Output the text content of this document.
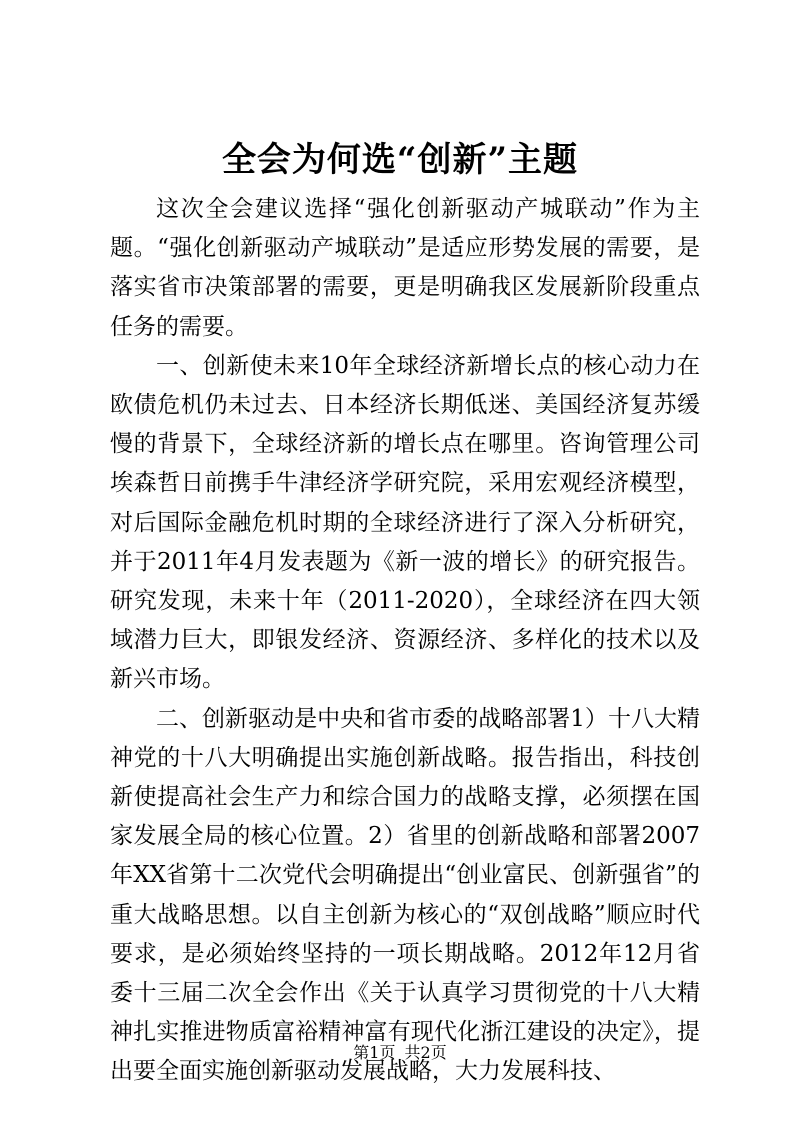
全会为何选“创新”主题

这次全会建议选择“强化创新驱动产城联动”作为主题。“强化创新驱动产城联动”是适应形势发展的需要，是落实省市决策部署的需要，更是明确我区发展新阶段重点任务的需要。

一、创新使未来10年全球经济新增长点的核心动力在欧债危机仍未过去、日本经济长期低迷、美国经济复苏缓慢的背景下，全球经济新的增长点在哪里。咨询管理公司埃森哲日前携手牛津经济学研究院，采用宏观经济模型，对后国际金融危机时期的全球经济进行了深入分析研究，并于2011年4月发表题为《新一波的增长》的研究报告。研究发现，未来十年（2011-2020），全球经济在四大领域潜力巨大，即银发经济、资源经济、多样化的技术以及新兴市场。

二、创新驱动是中央和省市委的战略部署1）十八大精神党的十八大明确提出实施创新战略。报告指出，科技创新使提高社会生产力和综合国力的战略支撑，必须摆在国家发展全局的核心位置。2）省里的创新战略和部署2007年XX省第十二次党代会明确提出“创业富民、创新强省”的重大战略思想。以自主创新为核心的“双创战略”顺应时代要求，是必须始终坚持的一项长期战略。2012年12月省委十三届二次全会作出《关于认真学习贯彻党的十八大精神扎实推进物质富裕精神富有现代化浙江建设的决定》，提出要全面实施创新驱动发展战略，大力发展科技、

第1页 共2页
